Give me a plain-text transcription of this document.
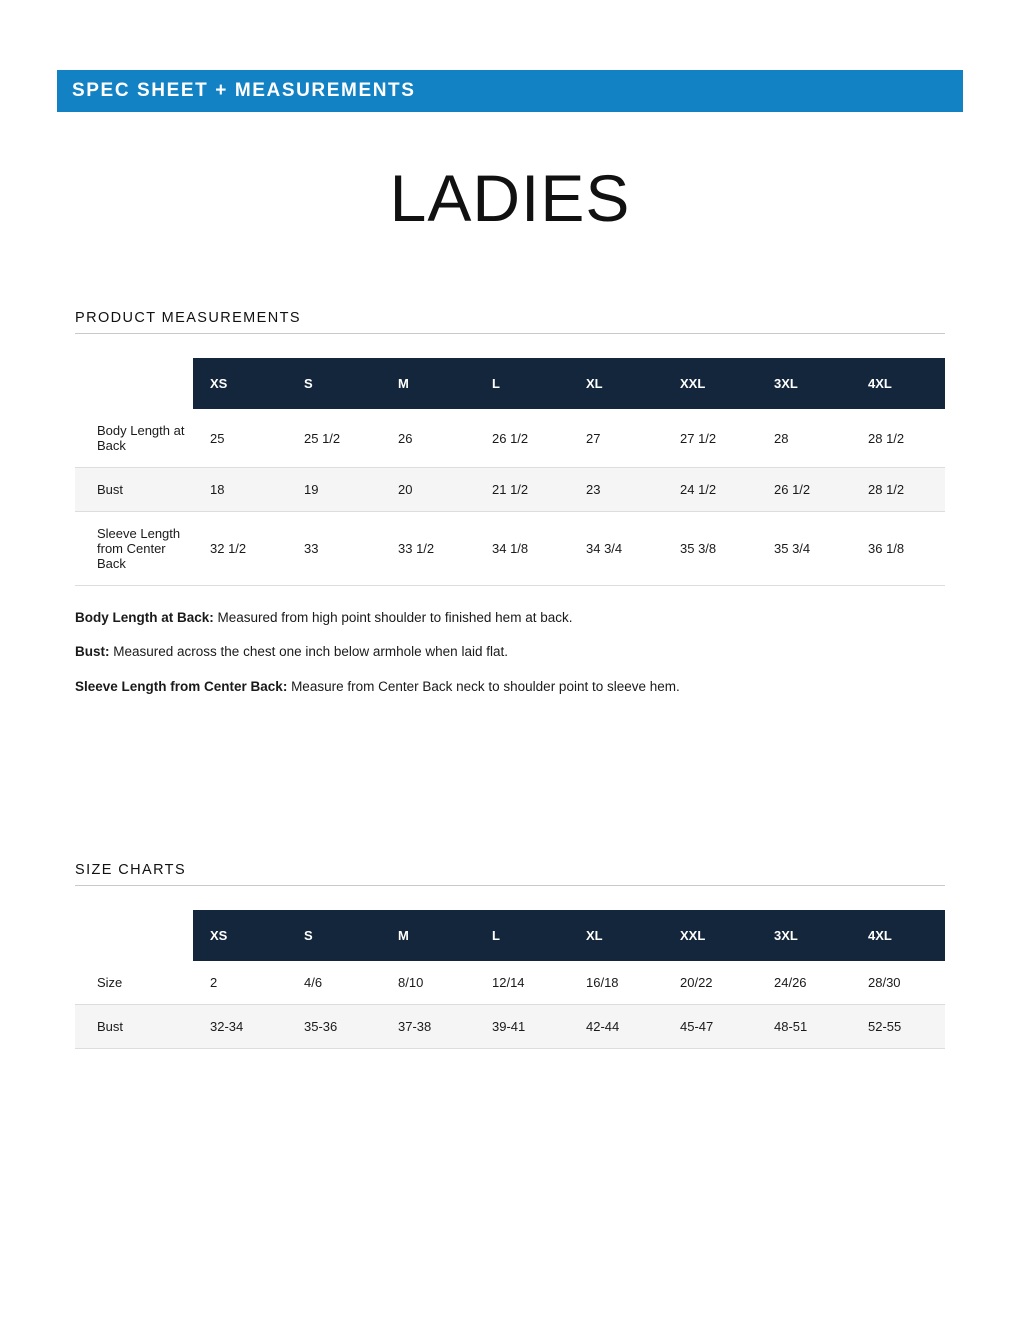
SPEC SHEET + MEASUREMENTS
LADIES
PRODUCT MEASUREMENTS
	XS	S	M	L	XL	XXL	3XL	4XL
Body Length at Back	25	25 1/2	26	26 1/2	27	27 1/2	28	28 1/2
Bust	18	19	20	21 1/2	23	24 1/2	26 1/2	28 1/2
Sleeve Length from Center Back	32 1/2	33	33 1/2	34 1/8	34 3/4	35 3/8	35 3/4	36 1/8

Body Length at Back: Measured from high point shoulder to finished hem at back.

Bust: Measured across the chest one inch below armhole when laid flat.

Sleeve Length from Center Back: Measure from Center Back neck to shoulder point to sleeve hem.

SIZE CHARTS
	XS	S	M	L	XL	XXL	3XL	4XL
Size	2	4/6	8/10	12/14	16/18	20/22	24/26	28/30
Bust	32-34	35-36	37-38	39-41	42-44	45-47	48-51	52-55
